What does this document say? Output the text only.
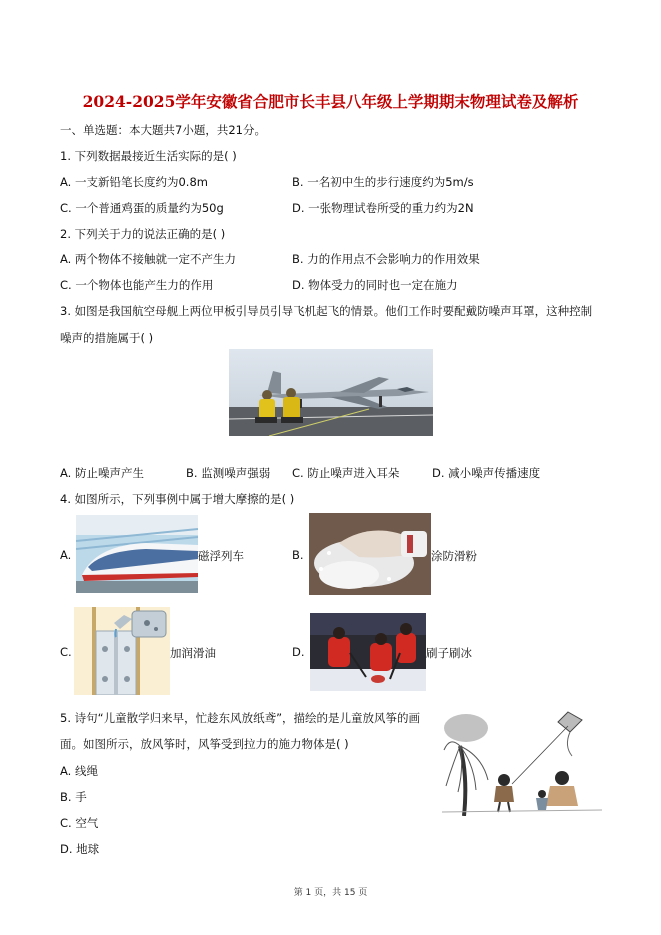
2024-2025学年安徽省合肥市长丰县八年级上学期期末物理试卷及解析
一、单选题：本大题共7小题，共21分。
1. 下列数据最接近生活实际的是( )
A. 一支新铅笔长度约为0.8m	B. 一名初中生的步行速度约为5m/s
C. 一个普通鸡蛋的质量约为50g	D. 一张物理试卷所受的重力约为2N
2. 下列关于力的说法正确的是( )
A. 两个物体不接触就一定不产生力	B. 力的作用点不会影响力的作用效果
C. 一个物体也能产生力的作用	D. 物体受力的同时也一定在施力
3. 如图是我国航空母舰上两位甲板引导员引导飞机起飞的情景。他们工作时要配戴防噪声耳罩，这种控制
噪声的措施属于( )
A. 防止噪声产生	B. 监测噪声强弱 C. 防止噪声进入耳朵	D. 减小噪声传播速度
4. 如图所示，下列事例中属于增大摩擦的是( )
A.	磁浮列车	B.	涂防滑粉
C.	加润滑油	D.	刷子刷冰
5. 诗句“儿童散学归来早，忙趁东风放纸鸢”，描绘的是儿童放风筝的画
面。如图所示，放风筝时，风筝受到拉力的施力物体是( )
A. 线绳
B. 手
C. 空气
D. 地球
第 1 页，共 15 页
